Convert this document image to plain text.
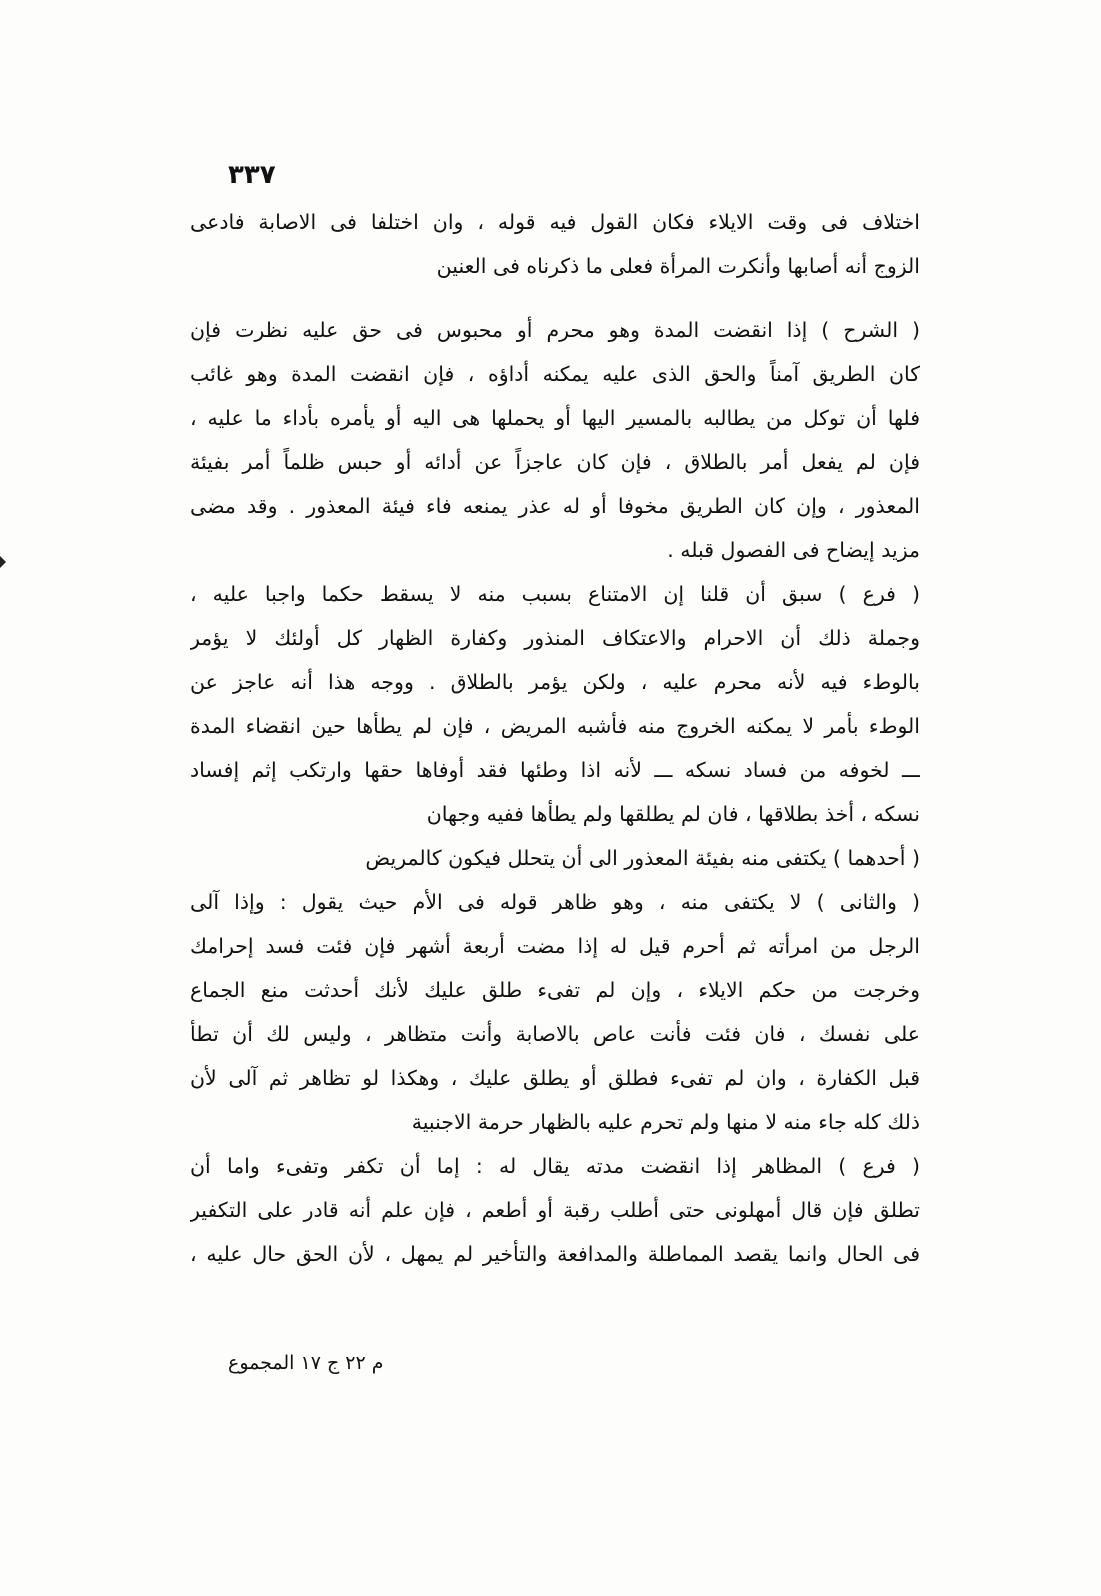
٣٣٧
اختلاف فى وقت الايلاء فكان القول فيه قوله ، وان اختلفا فى الاصابة فادعى
الزوج أنه أصابها وأنكرت المرأة فعلى ما ذكرناه فى العنين
( الشرح ) إذا انقضت المدة وهو محرم أو محبوس فى حق عليه نظرت فإن
كان الطريق آمناً والحق الذى عليه يمكنه أداؤه ، فإن انقضت المدة وهو غائب
فلها أن توكل من يطالبه بالمسير اليها أو يحملها هى اليه أو يأمره بأداء ما عليه ،
فإن لم يفعل أمر بالطلاق ، فإن كان عاجزاً عن أدائه أو حبس ظلماً أمر بفيئة
المعذور ، وإن كان الطريق مخوفا أو له عذر يمنعه فاء فيئة المعذور . وقد مضى
مزيد إيضاح فى الفصول قبله .
( فرع ) سبق أن قلنا إن الامتناع بسبب منه لا يسقط حكما واجبا عليه ،
وجملة ذلك أن الاحرام والاعتكاف المنذور وكفارة الظهار كل أولئك لا يؤمر
بالوطء فيه لأنه محرم عليه ، ولكن يؤمر بالطلاق . ووجه هذا أنه عاجز عن
الوطء بأمر لا يمكنه الخروج منه فأشبه المريض ، فإن لم يطأها حين انقضاء المدة
ـــ لخوفه من فساد نسكه ـــ لأنه اذا وطئها فقد أوفاها حقها وارتكب إثم إفساد
نسكه ، أخذ بطلاقها ، فان لم يطلقها ولم يطأها ففيه وجهان
( أحدهما ) يكتفى منه بفيئة المعذور الى أن يتحلل فيكون كالمريض
( والثانى ) لا يكتفى منه ، وهو ظاهر قوله فى الأم حيث يقول : وإذا آلى
الرجل من امرأته ثم أحرم قيل له إذا مضت أربعة أشهر فإن فئت فسد إحرامك
وخرجت من حكم الايلاء ، وإن لم تفىء طلق عليك لأنك أحدثت منع الجماع
على نفسك ، فان فئت فأنت عاص بالاصابة وأنت متظاهر ، وليس لك أن تطأ
قبل الكفارة ، وان لم تفىء فطلق أو يطلق عليك ، وهكذا لو تظاهر ثم آلى لأن
ذلك كله جاء منه لا منها ولم تحرم عليه بالظهار حرمة الاجنبية
( فرع ) المظاهر إذا انقضت مدته يقال له : إما أن تكفر وتفىء واما أن
تطلق فإن قال أمهلونى حتى أطلب رقبة أو أطعم ، فإن علم أنه قادر على التكفير
فى الحال وانما يقصد المماطلة والمدافعة والتأخير لم يمهل ، لأن الحق حال عليه ،
م ٢٢ ج ١٧ المجموع
